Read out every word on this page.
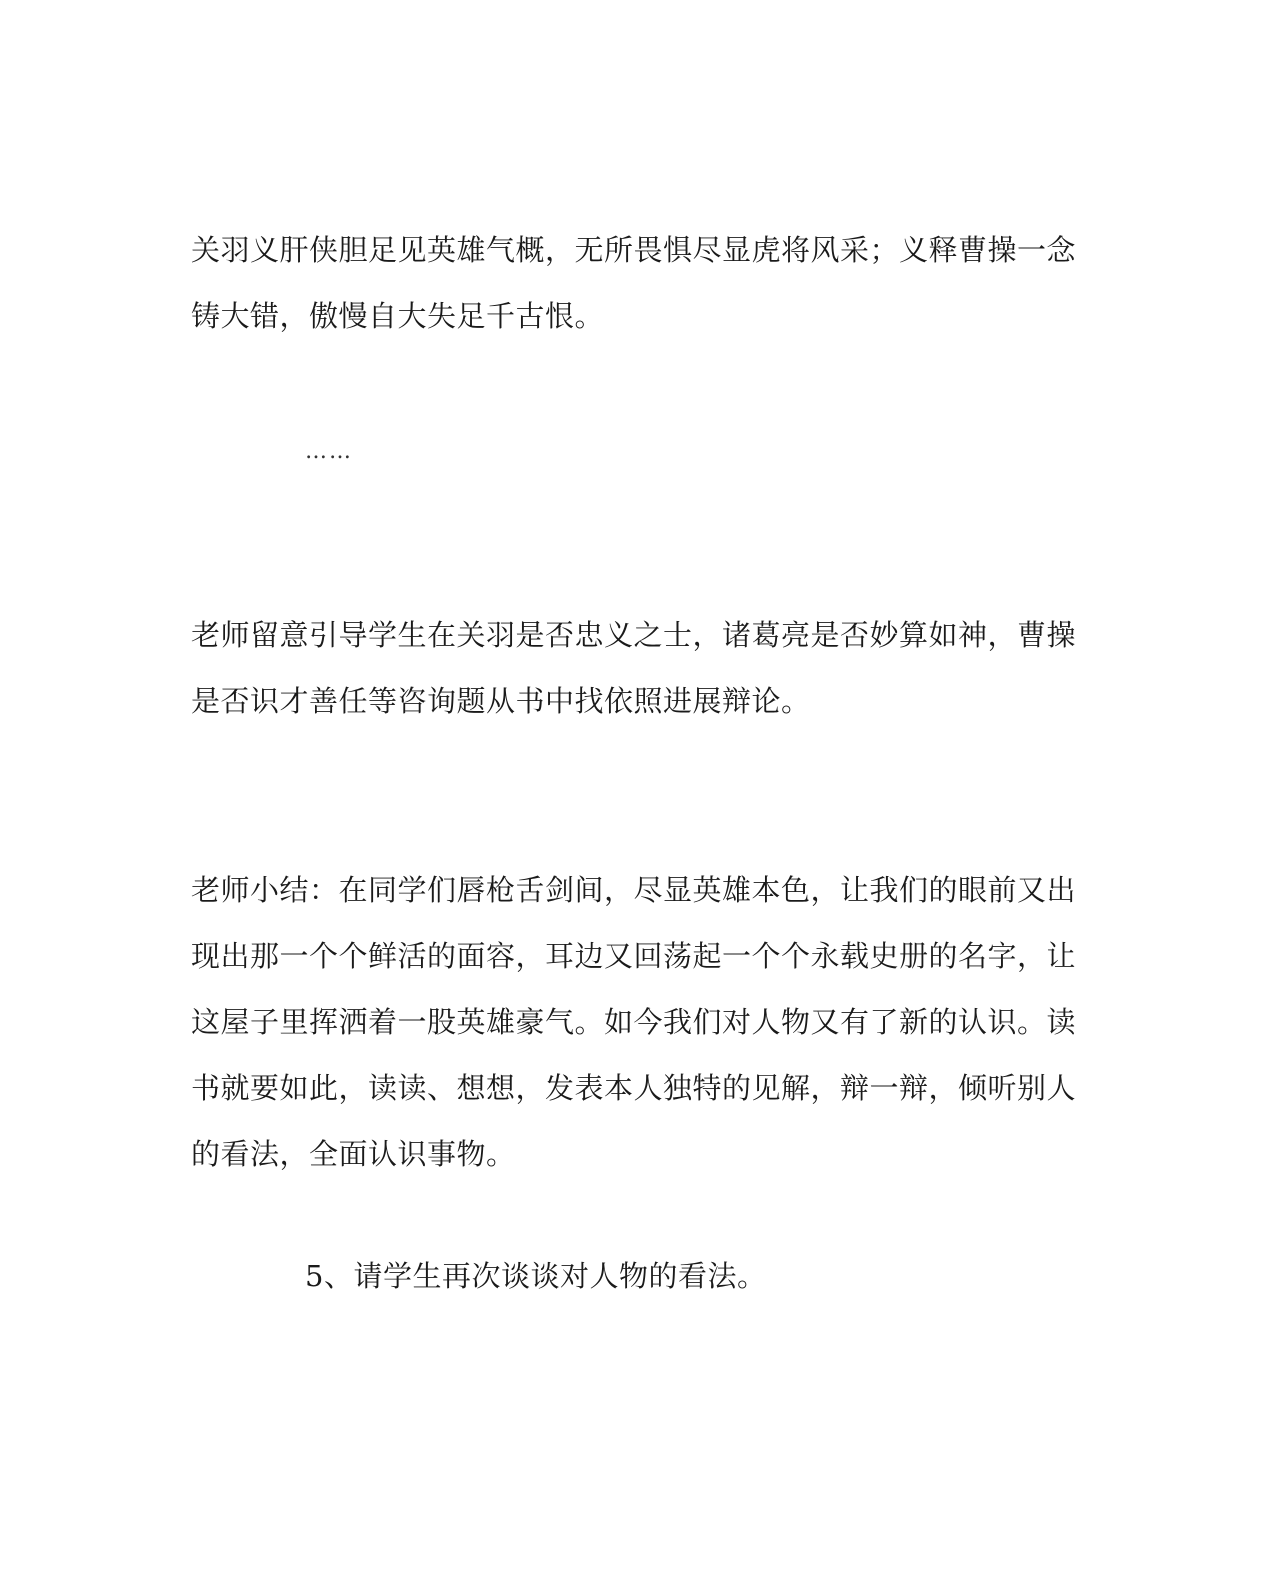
关羽义肝侠胆足见英雄气概，无所畏惧尽显虎将风采；义释曹操一念
铸大错，傲慢自大失足千古恨。

……

老师留意引导学生在关羽是否忠义之士，诸葛亮是否妙算如神，曹操
是否识才善任等咨询题从书中找依照进展辩论。

老师小结：在同学们唇枪舌剑间，尽显英雄本色，让我们的眼前又出
现出那一个个鲜活的面容，耳边又回荡起一个个永载史册的名字，让
这屋子里挥洒着一股英雄豪气。如今我们对人物又有了新的认识。读
书就要如此，读读、想想，发表本人独特的见解，辩一辩，倾听别人
的看法，全面认识事物。

5、请学生再次谈谈对人物的看法。
